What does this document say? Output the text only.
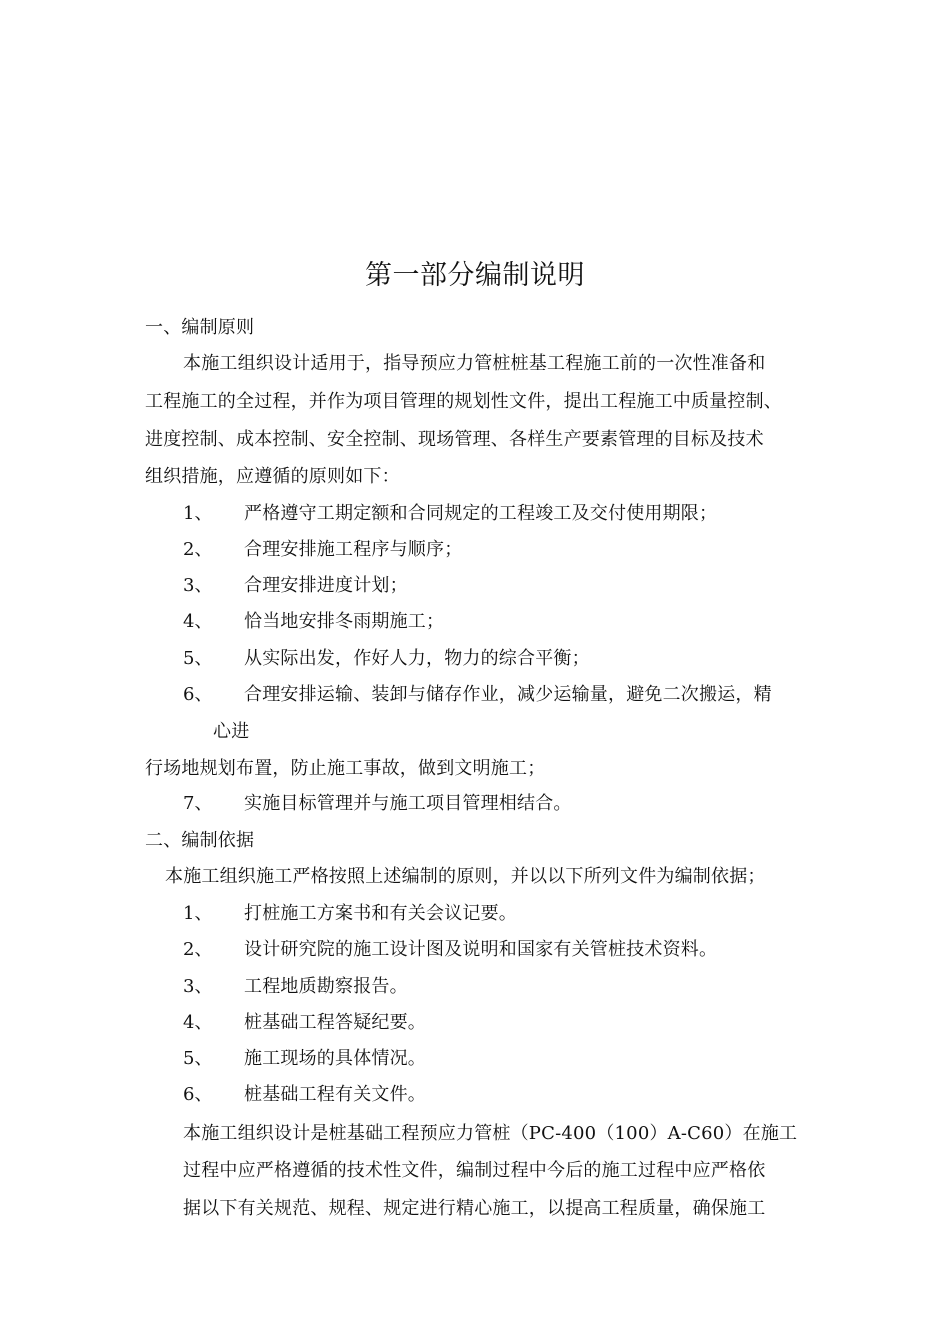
第一部分编制说明
一、编制原则
本施工组织设计适用于，指导预应力管桩桩基工程施工前的一次性准备和
工程施工的全过程，并作为项目管理的规划性文件，提出工程施工中质量控制、
进度控制、成本控制、安全控制、现场管理、各样生产要素管理的目标及技术
组织措施，应遵循的原则如下：
1、 严格遵守工期定额和合同规定的工程竣工及交付使用期限；
2、 合理安排施工程序与顺序；
3、 合理安排进度计划；
4、 恰当地安排冬雨期施工；
5、 从实际出发，作好人力，物力的综合平衡；
6、 合理安排运输、装卸与储存作业，减少运输量，避免二次搬运，精
心进
行场地规划布置，防止施工事故，做到文明施工；
7、 实施目标管理并与施工项目管理相结合。
二、编制依据
本施工组织施工严格按照上述编制的原则，并以以下所列文件为编制依据；
1、 打桩施工方案书和有关会议记要。
2、 设计研究院的施工设计图及说明和国家有关管桩技术资料。
3、 工程地质勘察报告。
4、 桩基础工程答疑纪要。
5、 施工现场的具体情况。
6、 桩基础工程有关文件。
本施工组织设计是桩基础工程预应力管桩（PC-400（100）A-C60）在施工
过程中应严格遵循的技术性文件，编制过程中今后的施工过程中应严格依
据以下有关规范、规程、规定进行精心施工，以提高工程质量，确保施工
